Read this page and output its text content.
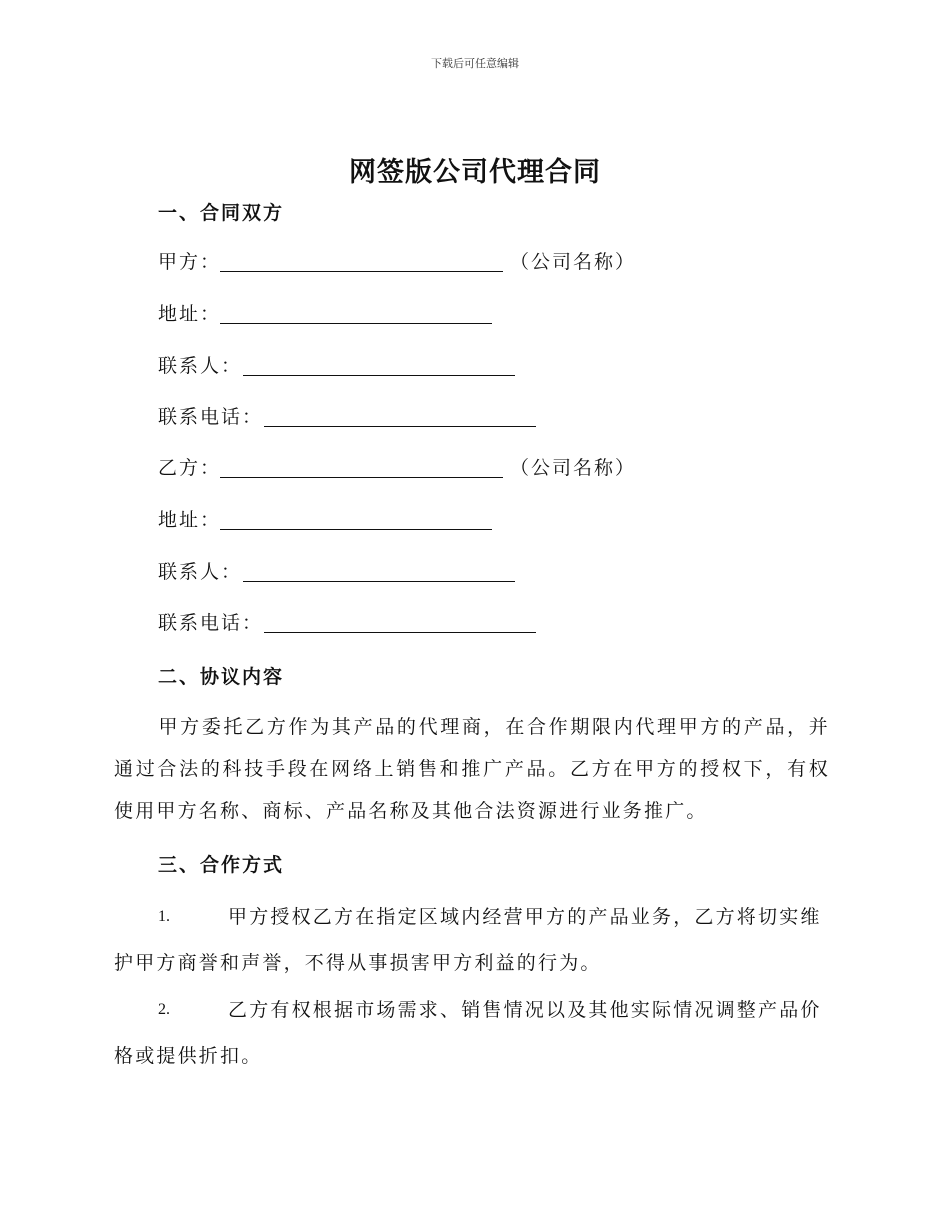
下载后可任意编辑
网签版公司代理合同
一、合同双方
甲方：	（公司名称）
地址：
联系人：
联系电话：
乙方：	（公司名称）
地址：
联系人：
联系电话：
二、协议内容
甲方委托乙方作为其产品的代理商，在合作期限内代理甲方的产品，并通过合法的科技手段在网络上销售和推广产品。乙方在甲方的授权下，有权使用甲方名称、商标、产品名称及其他合法资源进行业务推广。
三、合作方式
1.	甲方授权乙方在指定区域内经营甲方的产品业务，乙方将切实维
护甲方商誉和声誉，不得从事损害甲方利益的行为。
2.	乙方有权根据市场需求、销售情况以及其他实际情况调整产品价
格或提供折扣。
